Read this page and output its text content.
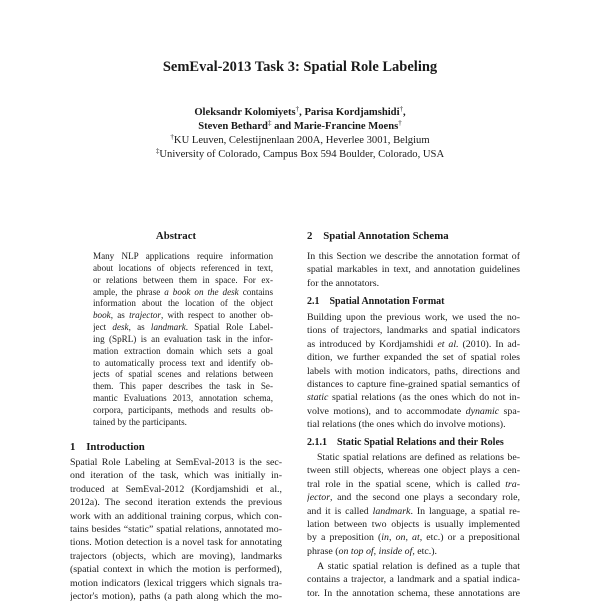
SemEval-2013 Task 3: Spatial Role Labeling
Oleksandr Kolomiyets†, Parisa Kordjamshidi†,
Steven Bethard‡ and Marie-Francine Moens†
†KU Leuven, Celestijnenlaan 200A, Heverlee 3001, Belgium
‡University of Colorado, Campus Box 594 Boulder, Colorado, USA
Abstract
Many NLP applications require information
about locations of objects referenced in text,
or relations between them in space. For ex-
ample, the phrase a book on the desk contains
information about the location of the object
book, as trajector, with respect to another ob-
ject desk, as landmark. Spatial Role Label-
ing (SpRL) is an evaluation task in the infor-
mation extraction domain which sets a goal
to automatically process text and identify ob-
jects of spatial scenes and relations between
them. This paper describes the task in Se-
mantic Evaluations 2013, annotation schema,
corpora, participants, methods and results ob-
tained by the participants.
1 Introduction
Spatial Role Labeling at SemEval-2013 is the sec-
ond iteration of the task, which was initially in-
troduced at SemEval-2012 (Kordjamshidi et al.,
2012a). The second iteration extends the previous
work with an additional training corpus, which con-
tains besides “static” spatial relations, annotated mo-
tions. Motion detection is a novel task for annotating
trajectors (objects, which are moving), landmarks
(spatial context in which the motion is performed),
motion indicators (lexical triggers which signals tra-
jector's motion), paths (a path along which the mo-
2 Spatial Annotation Schema
In this Section we describe the annotation format of
spatial markables in text, and annotation guidelines
for the annotators.
2.1 Spatial Annotation Format
Building upon the previous work, we used the no-
tions of trajectors, landmarks and spatial indicators
as introduced by Kordjamshidi et al. (2010). In ad-
dition, we further expanded the set of spatial roles
labels with motion indicators, paths, directions and
distances to capture fine-grained spatial semantics of
static spatial relations (as the ones which do not in-
volve motions), and to accommodate dynamic spa-
tial relations (the ones which do involve motions).
2.1.1 Static Spatial Relations and their Roles
Static spatial relations are defined as relations be-
tween still objects, whereas one object plays a cen-
tral role in the spatial scene, which is called tra-
jector, and the second one plays a secondary role,
and it is called landmark. In language, a spatial re-
lation between two objects is usually implemented
by a preposition (in, on, at, etc.) or a prepositional
phrase (on top of, inside of, etc.).
A static spatial relation is defined as a tuple that
contains a trajector, a landmark and a spatial indica-
tor. In the annotation schema, these annotations are
